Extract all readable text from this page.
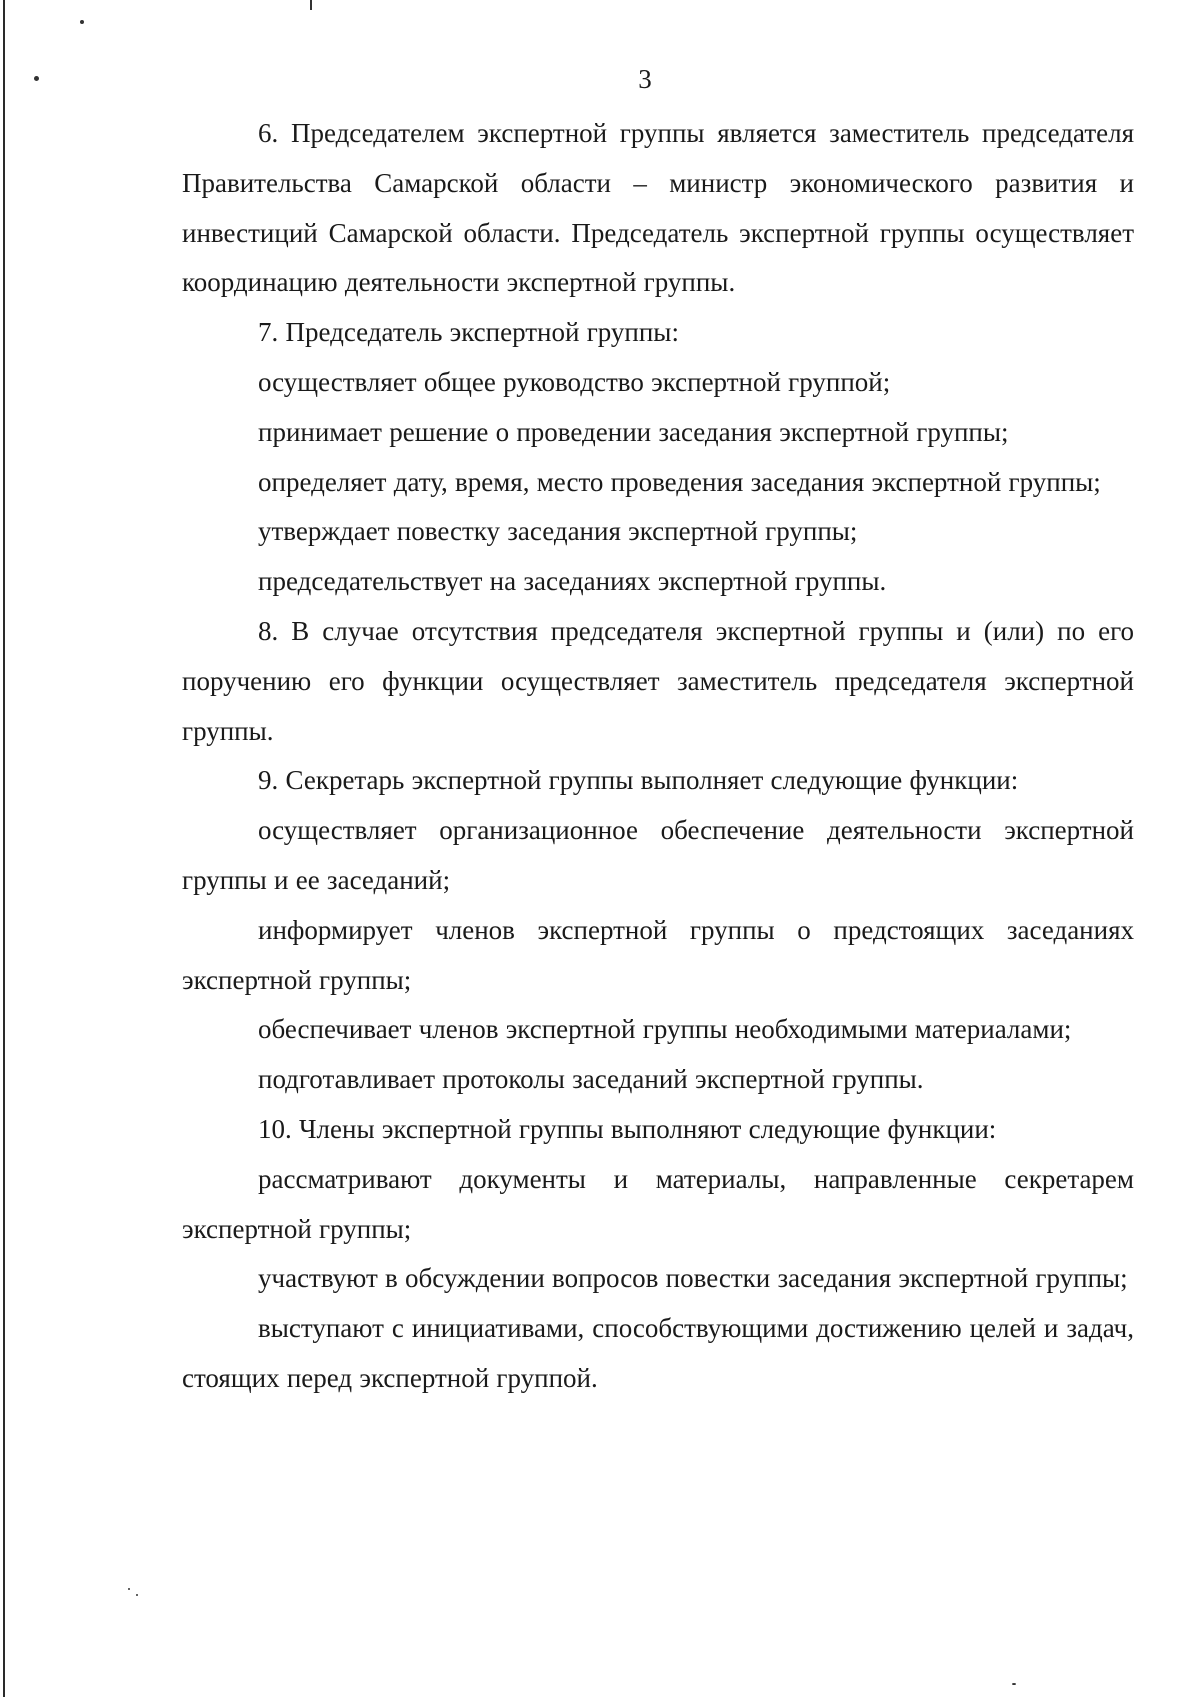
3

6. Председателем экспертной группы является заместитель председателя Правительства Самарской области – министр экономического развития и инвестиций Самарской области. Председатель экспертной группы осуществляет координацию деятельности экспертной группы.

7. Председатель экспертной группы:

осуществляет общее руководство экспертной группой;

принимает решение о проведении заседания экспертной группы;

определяет дату, время, место проведения заседания экспертной группы;

утверждает повестку заседания экспертной группы;

председательствует на заседаниях экспертной группы.

8. В случае отсутствия председателя экспертной группы и (или) по его поручению его функции осуществляет заместитель председателя экспертной группы.

9. Секретарь экспертной группы выполняет следующие функции:

осуществляет организационное обеспечение деятельности экспертной группы и ее заседаний;

информирует членов экспертной группы о предстоящих заседаниях экспертной группы;

обеспечивает членов экспертной группы необходимыми материалами;

подготавливает протоколы заседаний экспертной группы.

10. Члены экспертной группы выполняют следующие функции:

рассматривают документы и материалы, направленные секретарем экспертной группы;

участвуют в обсуждении вопросов повестки заседания экспертной группы;

выступают с инициативами, способствующими достижению целей и задач, стоящих перед экспертной группой.
